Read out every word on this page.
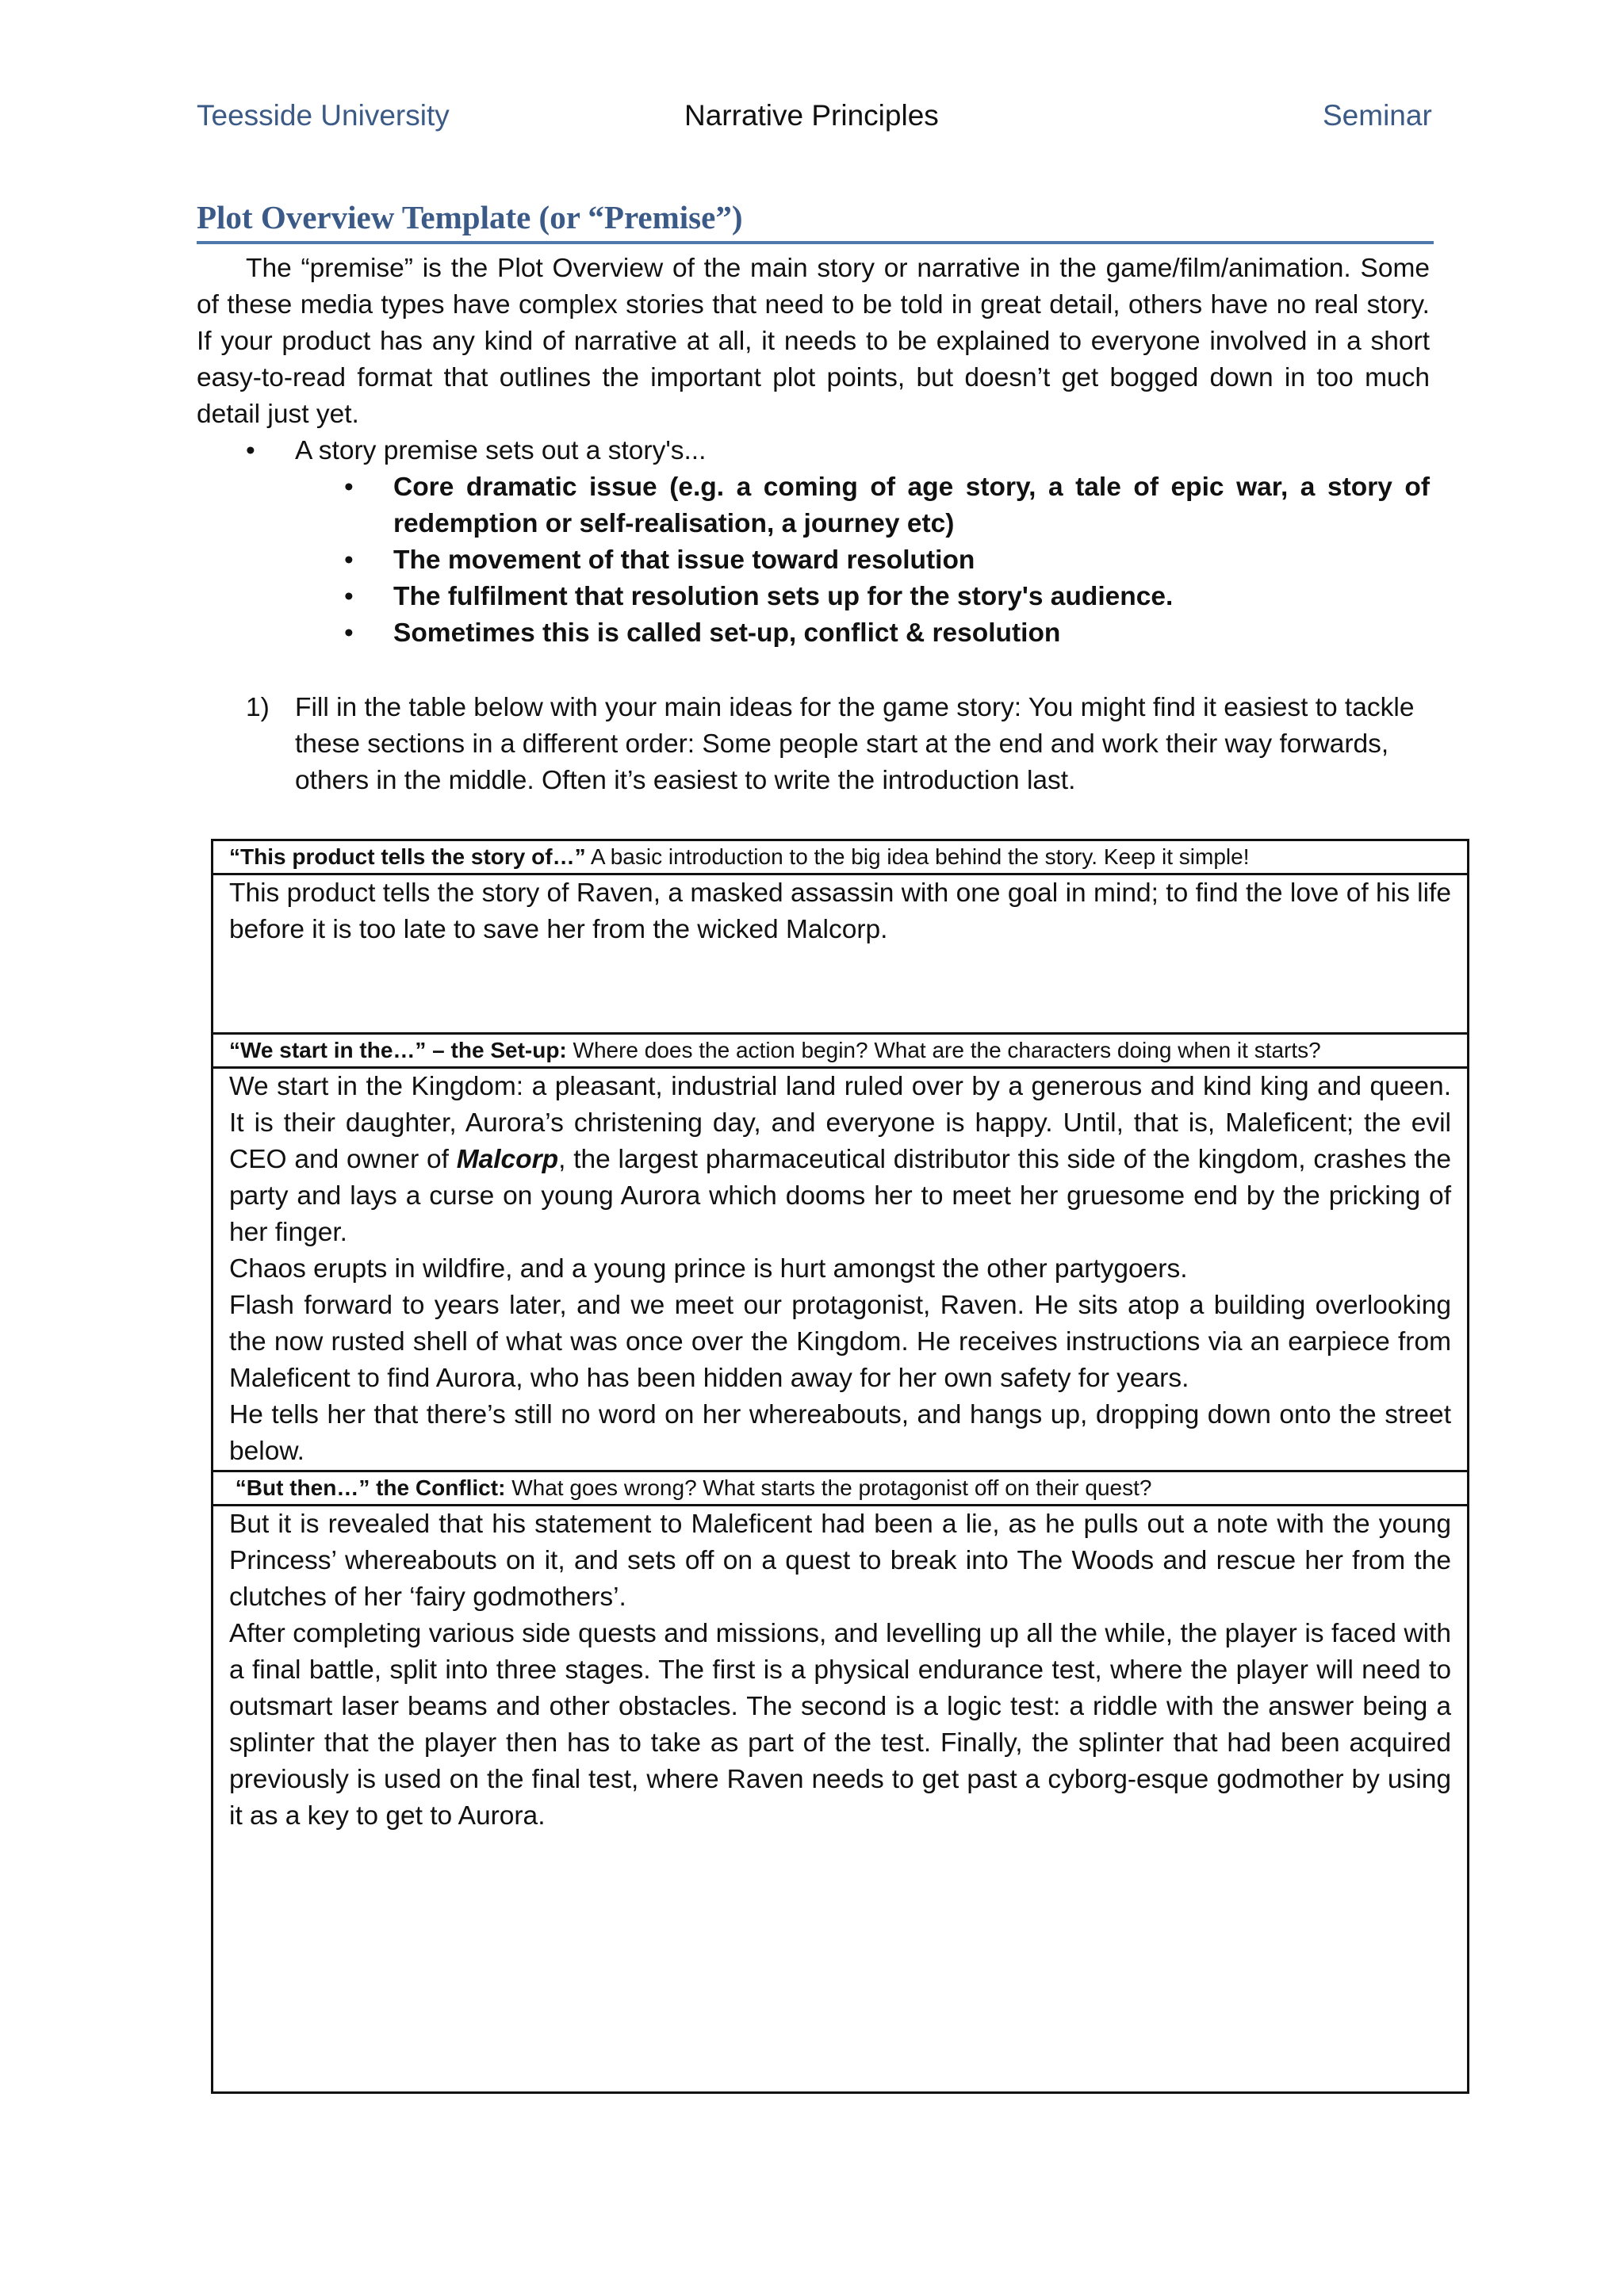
Teesside University	Narrative Principles	Seminar
Plot Overview Template (or “Premise”)

The “premise” is the Plot Overview of the main story or narrative in the game/film/animation. Some of these media types have complex stories that need to be told in great detail, others have no real story. If your product has any kind of narrative at all, it needs to be explained to everyone involved in a short easy-to-read format that outlines the important plot points, but doesn’t get bogged down in too much detail just yet.

• A story premise sets out a story's...
• Core dramatic issue (e.g. a coming of age story, a tale of epic war, a story of redemption or self-realisation, a journey etc)
• The movement of that issue toward resolution
• The fulfilment that resolution sets up for the story's audience.
• Sometimes this is called set-up, conflict & resolution
1) Fill in the table below with your main ideas for the game story: You might find it easiest to tackle these sections in a different order: Some people start at the end and work their way forwards, others in the middle. Often it’s easiest to write the introduction last.
“This product tells the story of…” A basic introduction to the big idea behind the story. Keep it simple!

This product tells the story of Raven, a masked assassin with one goal in mind; to find the love of his life before it is too late to save her from the wicked Malcorp.

“We start in the…” – the Set-up: Where does the action begin? What are the characters doing when it starts?

We start in the Kingdom: a pleasant, industrial land ruled over by a generous and kind king and queen. It is their daughter, Aurora’s christening day, and everyone is happy. Until, that is, Maleficent; the evil CEO and owner of Malcorp, the largest pharmaceutical distributor this side of the kingdom, crashes the party and lays a curse on young Aurora which dooms her to meet her gruesome end by the pricking of her finger.

Chaos erupts in wildfire, and a young prince is hurt amongst the other partygoers.

Flash forward to years later, and we meet our protagonist, Raven. He sits atop a building overlooking the now rusted shell of what was once over the Kingdom. He receives instructions via an earpiece from Maleficent to find Aurora, who has been hidden away for her own safety for years.

He tells her that there’s still no word on her whereabouts, and hangs up, dropping down onto the street below.

“But then…” the Conflict: What goes wrong? What starts the protagonist off on their quest?

But it is revealed that his statement to Maleficent had been a lie, as he pulls out a note with the young Princess’ whereabouts on it, and sets off on a quest to break into The Woods and rescue her from the clutches of her ‘fairy godmothers’.

After completing various side quests and missions, and levelling up all the while, the player is faced with a final battle, split into three stages. The first is a physical endurance test, where the player will need to outsmart laser beams and other obstacles. The second is a logic test: a riddle with the answer being a splinter that the player then has to take as part of the test. Finally, the splinter that had been acquired previously is used on the final test, where Raven needs to get past a cyborg-esque godmother by using it as a key to get to Aurora.
